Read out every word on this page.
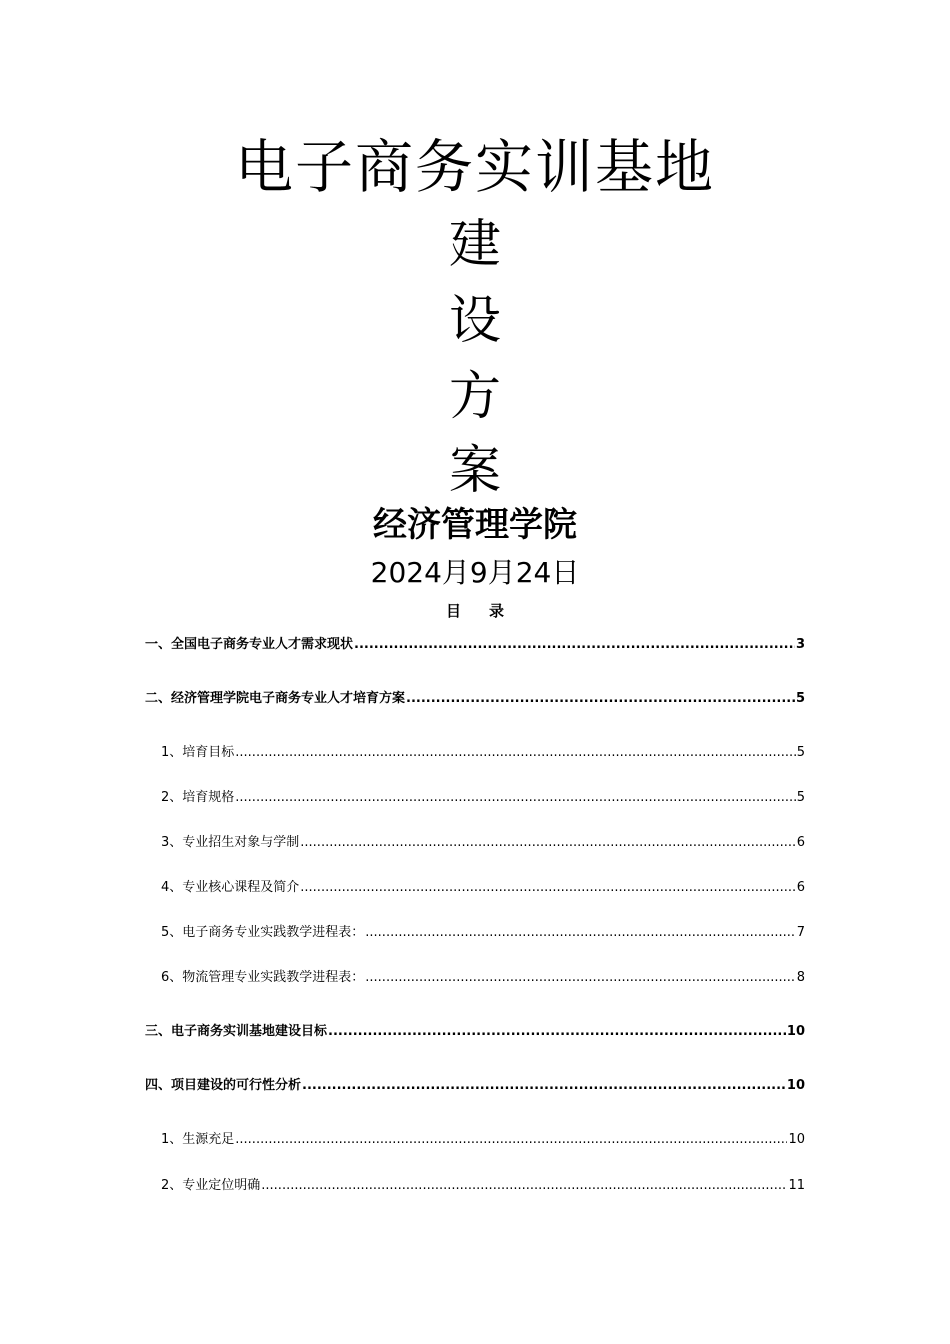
电子商务实训基地
建
设
方
案
经济管理学院
2024月9月24日
目录
一、全国电子商务专业人才需求现状 .....	3
二、经济管理学院电子商务专业人才培育方案 .....	5
1、培育目标 .....	5
2、培育规格 .....	5
3、专业招生对象与学制 .....	6
4、专业核心课程及简介 .....	6
5、电子商务专业实践教学进程表： .....	7
6、物流管理专业实践教学进程表： .....	8
三、电子商务实训基地建设目标 .....	10
四、项目建设的可行性分析 .....	10
1、生源充足 .....	10
2、专业定位明确 .....	11
